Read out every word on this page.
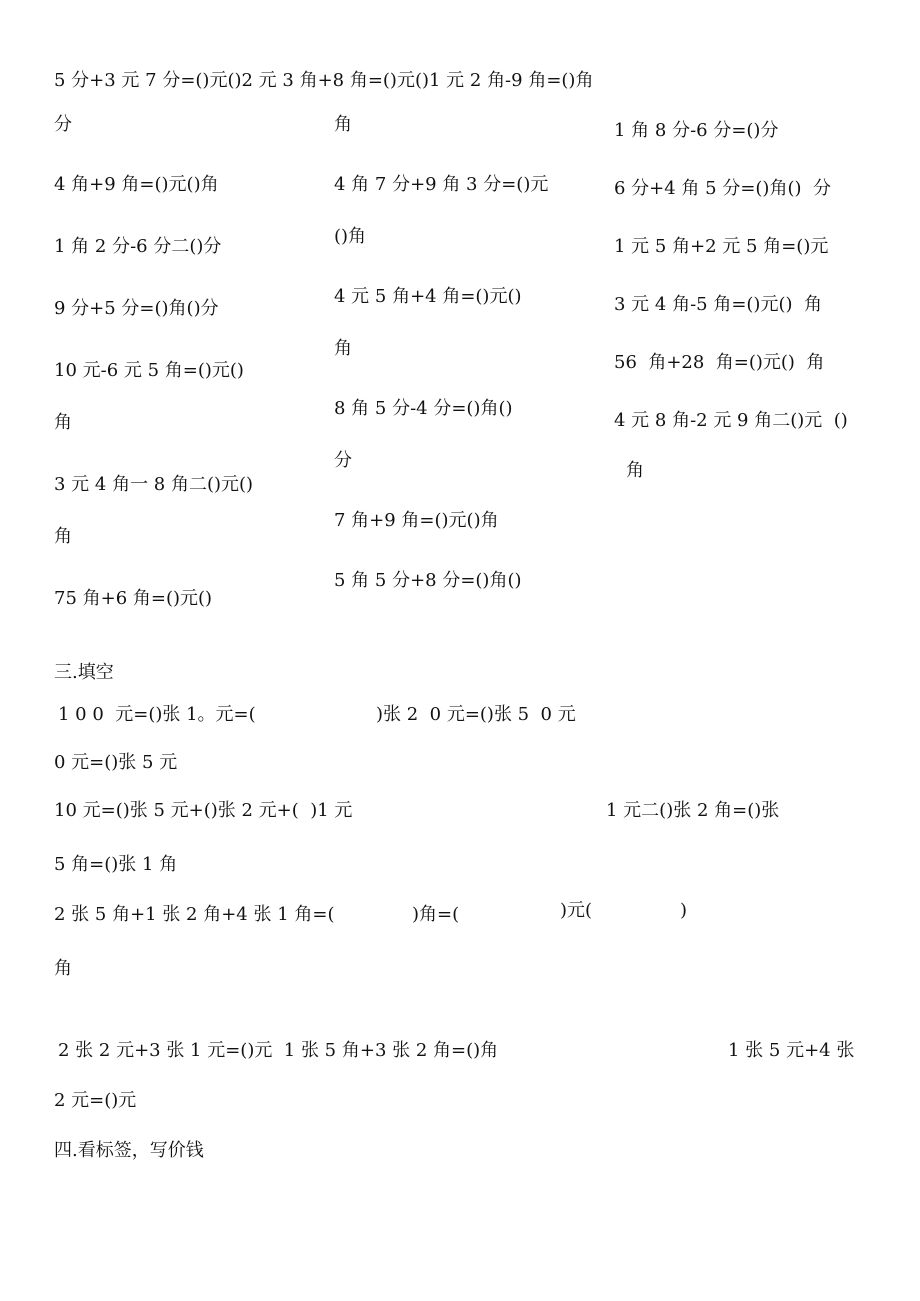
5 分+3 元 7 分=()元()2 元 3 角+8 角=()元()1 元 2 角-9 角=()角
分
4 角+9 角=()元()角
1 角 2 分-6 分二()分
9 分+5 分=()角()分
10 元-6 元 5 角=()元()
角
3 元 4 角一 8 角二()元()
角
75 角+6 角=()元()
角
4 角 7 分+9 角 3 分=()元
()角
4 元 5 角+4 角=()元()
角
8 角 5 分-4 分=()角()
分
7 角+9 角=()元()角
5 角 5 分+8 分=()角()

1 角 8 分-6 分=()分
6 分+4 角 5 分=()角()  分
1 元 5 角+2 元 5 角=()元
3 元 4 角-5 角=()元()  角
56  角+28  角=()元()  角
4 元 8 角-2 元 9 角二()元  ()
角
三.填空
1 0 0  元=()张 1。元=(	)张 2  0 元=()张 5  0 元
0 元=()张 5 元
10 元=()张 5 元+()张 2 元+(  )1 元	1 元二()张 2 角=()张
5 角=()张 1 角
2 张 5 角+1 张 2 角+4 张 1 角=(	)角=(	)元(	)
角

2 张 2 元+3 张 1 元=()元  1 张 5 角+3 张 2 角=()角	1 张 5 元+4 张
2 元=()元
四.看标签，写价钱
